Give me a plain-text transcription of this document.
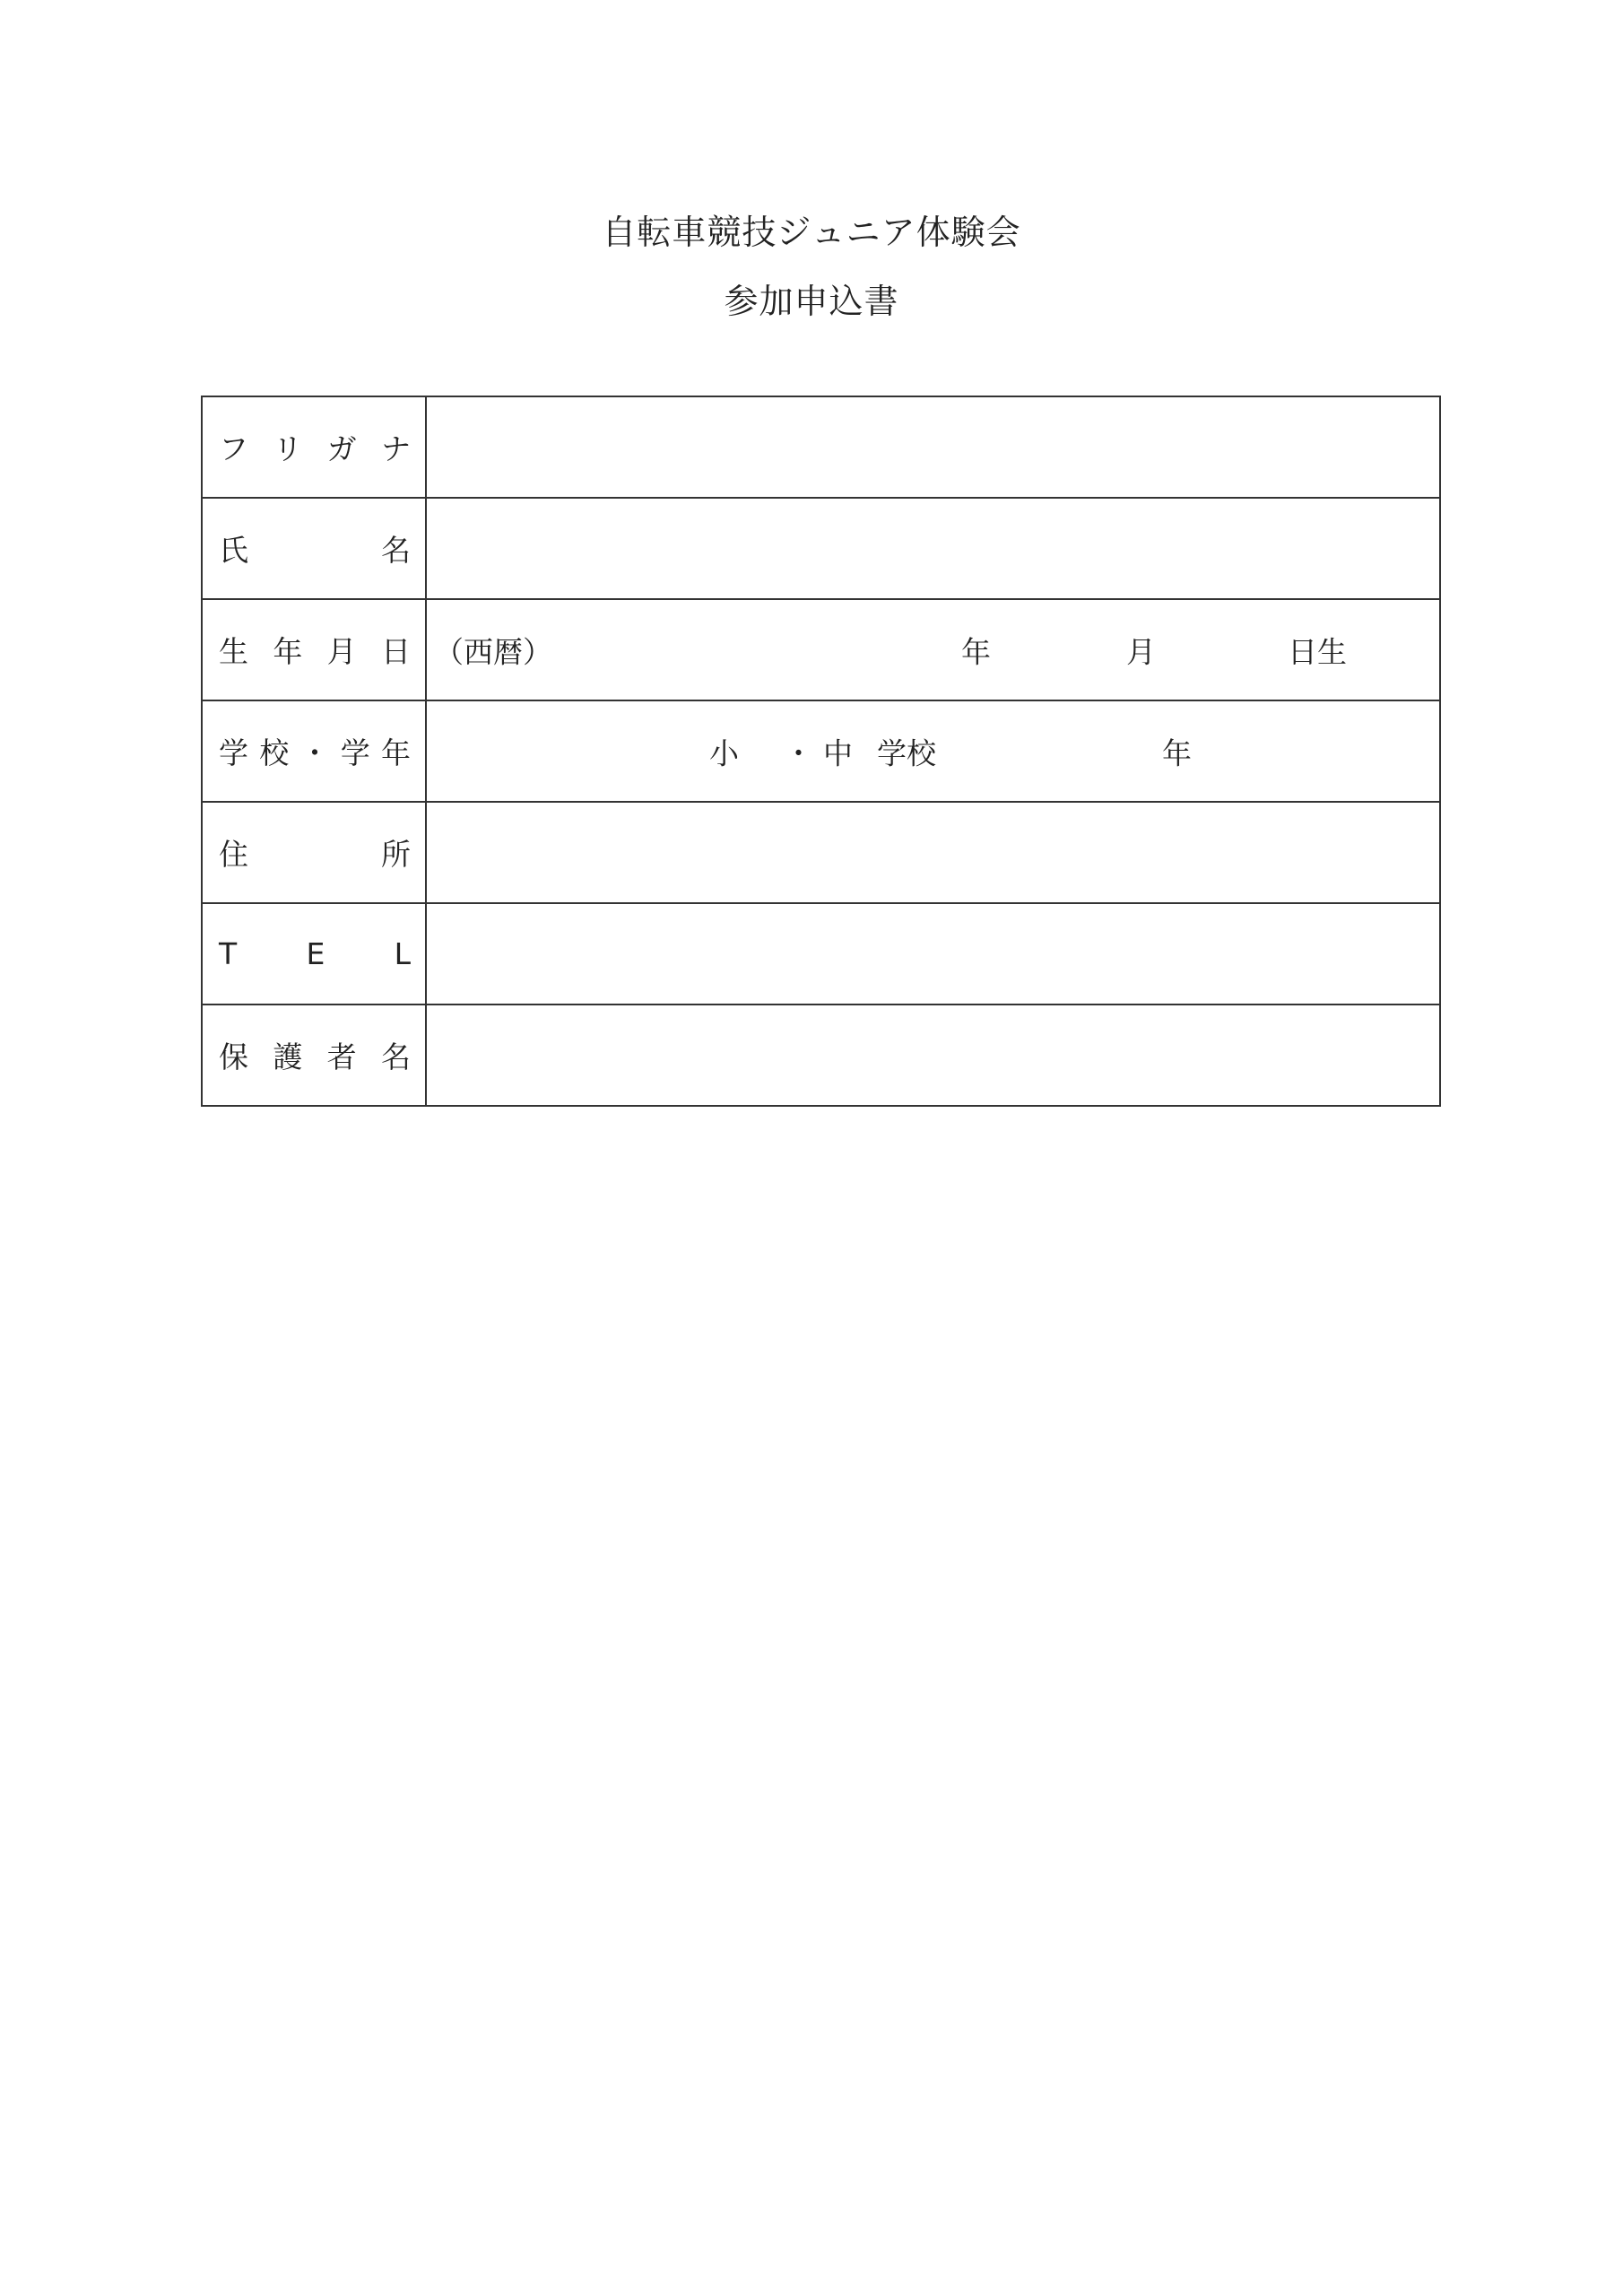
自転車競技ジュニア体験会
参加申込書
フ リ ガ ナ	

氏 名	

生 年 月 日	（西暦） 年 月 日生

学 校 ・ 学 年	小 ・ 中 学校 年

住 所	

T E L	

保 護 者 名	
